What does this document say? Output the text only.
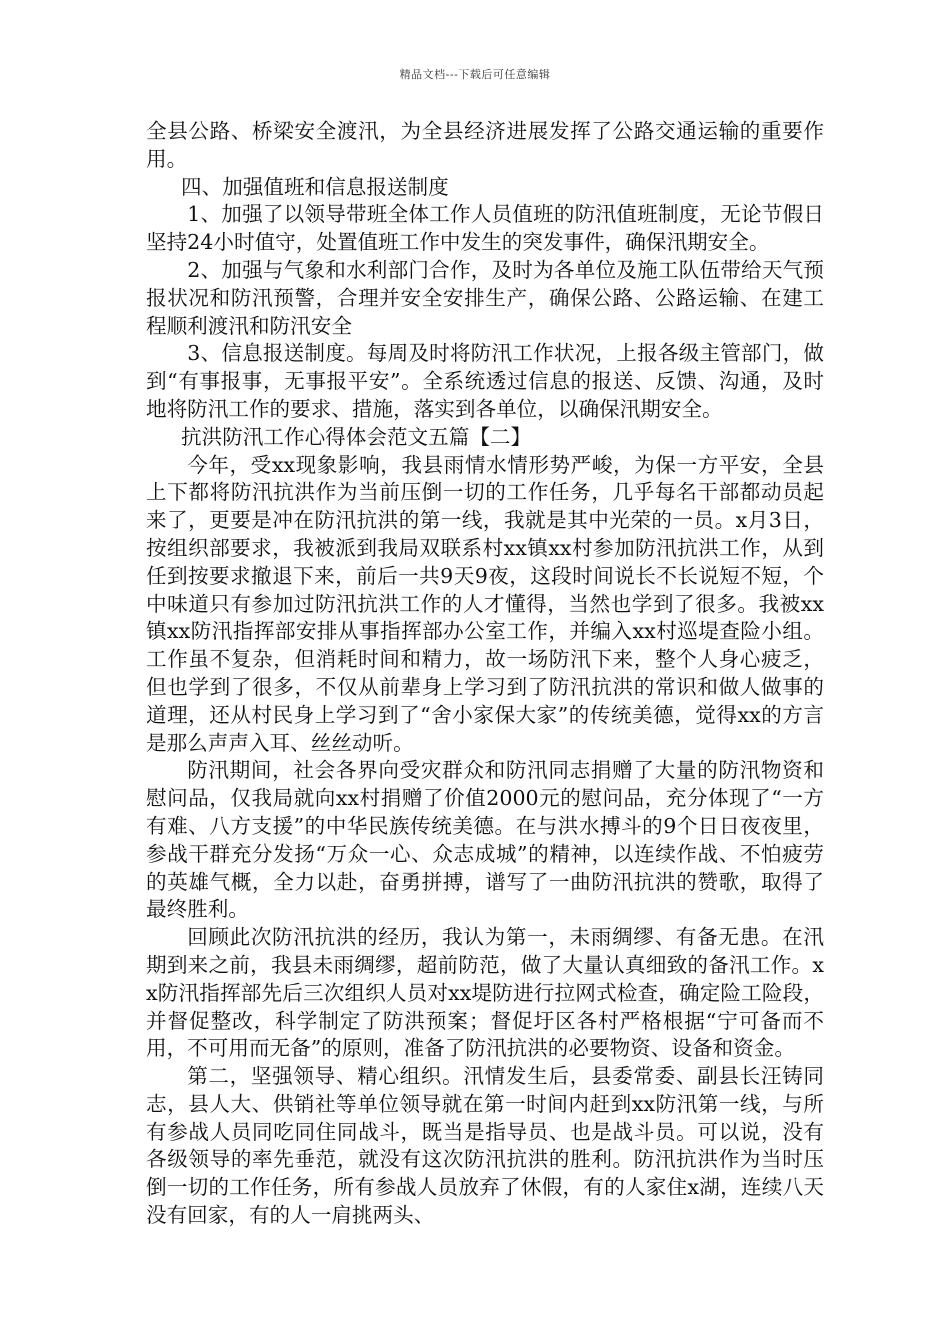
精品文档---下载后可任意编辑

全县公路、桥梁安全渡汛，为全县经济进展发挥了公路交通运输的重要作用。

四、加强值班和信息报送制度

1、加强了以领导带班全体工作人员值班的防汛值班制度，无论节假日坚持24小时值守，处置值班工作中发生的突发事件，确保汛期安全。

2、加强与气象和水利部门合作，及时为各单位及施工队伍带给天气预报状况和防汛预警，合理并安全安排生产，确保公路、公路运输、在建工程顺利渡汛和防汛安全

3、信息报送制度。每周及时将防汛工作状况，上报各级主管部门，做到“有事报事，无事报平安”。全系统透过信息的报送、反馈、沟通，及时地将防汛工作的要求、措施，落实到各单位，以确保汛期安全。

抗洪防汛工作心得体会范文五篇【二】

今年，受xx现象影响，我县雨情水情形势严峻，为保一方平安，全县上下都将防汛抗洪作为当前压倒一切的工作任务，几乎每名干部都动员起来了，更要是冲在防汛抗洪的第一线，我就是其中光荣的一员。x月3日，按组织部要求，我被派到我局双联系村xx镇xx村参加防汛抗洪工作，从到任到按要求撤退下来，前后一共9天9夜，这段时间说长不长说短不短，个中味道只有参加过防汛抗洪工作的人才懂得，当然也学到了很多。我被xx镇xx防汛指挥部安排从事指挥部办公室工作，并编入xx村巡堤查险小组。工作虽不复杂，但消耗时间和精力，故一场防汛下来，整个人身心疲乏，但也学到了很多，不仅从前辈身上学习到了防汛抗洪的常识和做人做事的道理，还从村民身上学习到了“舍小家保大家”的传统美德，觉得xx的方言是那么声声入耳、丝丝动听。

防汛期间，社会各界向受灾群众和防汛同志捐赠了大量的防汛物资和慰问品，仅我局就向xx村捐赠了价值2000元的慰问品，充分体现了“一方有难、八方支援”的中华民族传统美德。在与洪水搏斗的9个日日夜夜里，参战干群充分发扬“万众一心、众志成城”的精神，以连续作战、不怕疲劳的英雄气概，全力以赴，奋勇拼搏，谱写了一曲防汛抗洪的赞歌，取得了最终胜利。

回顾此次防汛抗洪的经历，我认为第一，未雨绸缪、有备无患。在汛期到来之前，我县未雨绸缪，超前防范，做了大量认真细致的备汛工作。xx防汛指挥部先后三次组织人员对xx堤防进行拉网式检查，确定险工险段，并督促整改，科学制定了防洪预案；督促圩区各村严格根据“宁可备而不用，不可用而无备”的原则，准备了防汛抗洪的必要物资、设备和资金。

第二，坚强领导、精心组织。汛情发生后，县委常委、副县长汪铸同志，县人大、供销社等单位领导就在第一时间内赶到xx防汛第一线，与所有参战人员同吃同住同战斗，既当是指导员、也是战斗员。可以说，没有各级领导的率先垂范，就没有这次防汛抗洪的胜利。防汛抗洪作为当时压倒一切的工作任务，所有参战人员放弃了休假，有的人家住x湖，连续八天没有回家，有的人一肩挑两头、
